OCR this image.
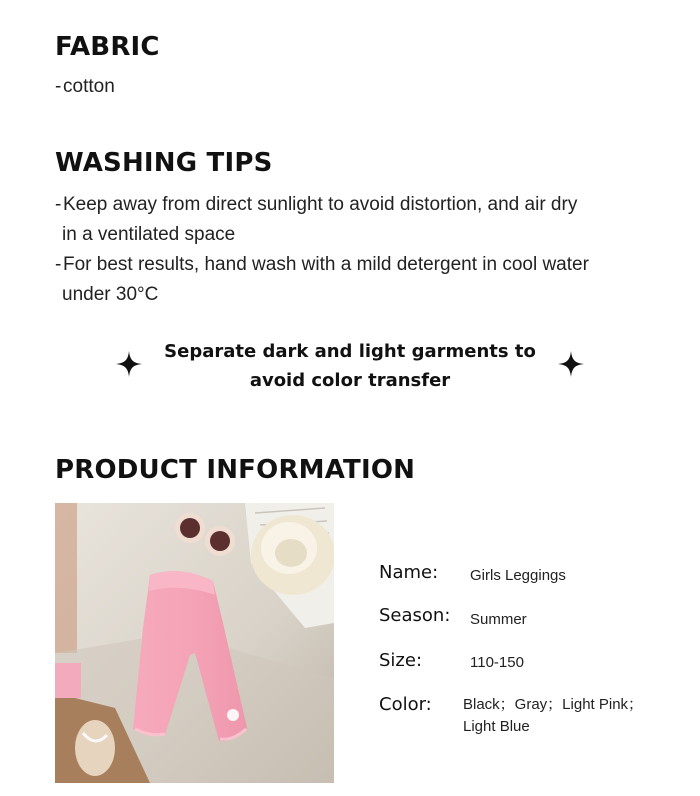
FABRIC
-cotton
WASHING TIPS
-Keep away from direct sunlight to avoid distortion, and air dry
in a ventilated space
-For best results, hand wash with a mild detergent in cool water
under 30°C
Separate dark and light garments to
avoid color transfer
PRODUCT INFORMATION
Name: Girls Leggings
Season: Summer
Size:	110-150
Color: Black；Gray；Light Pink；
Light Blue
